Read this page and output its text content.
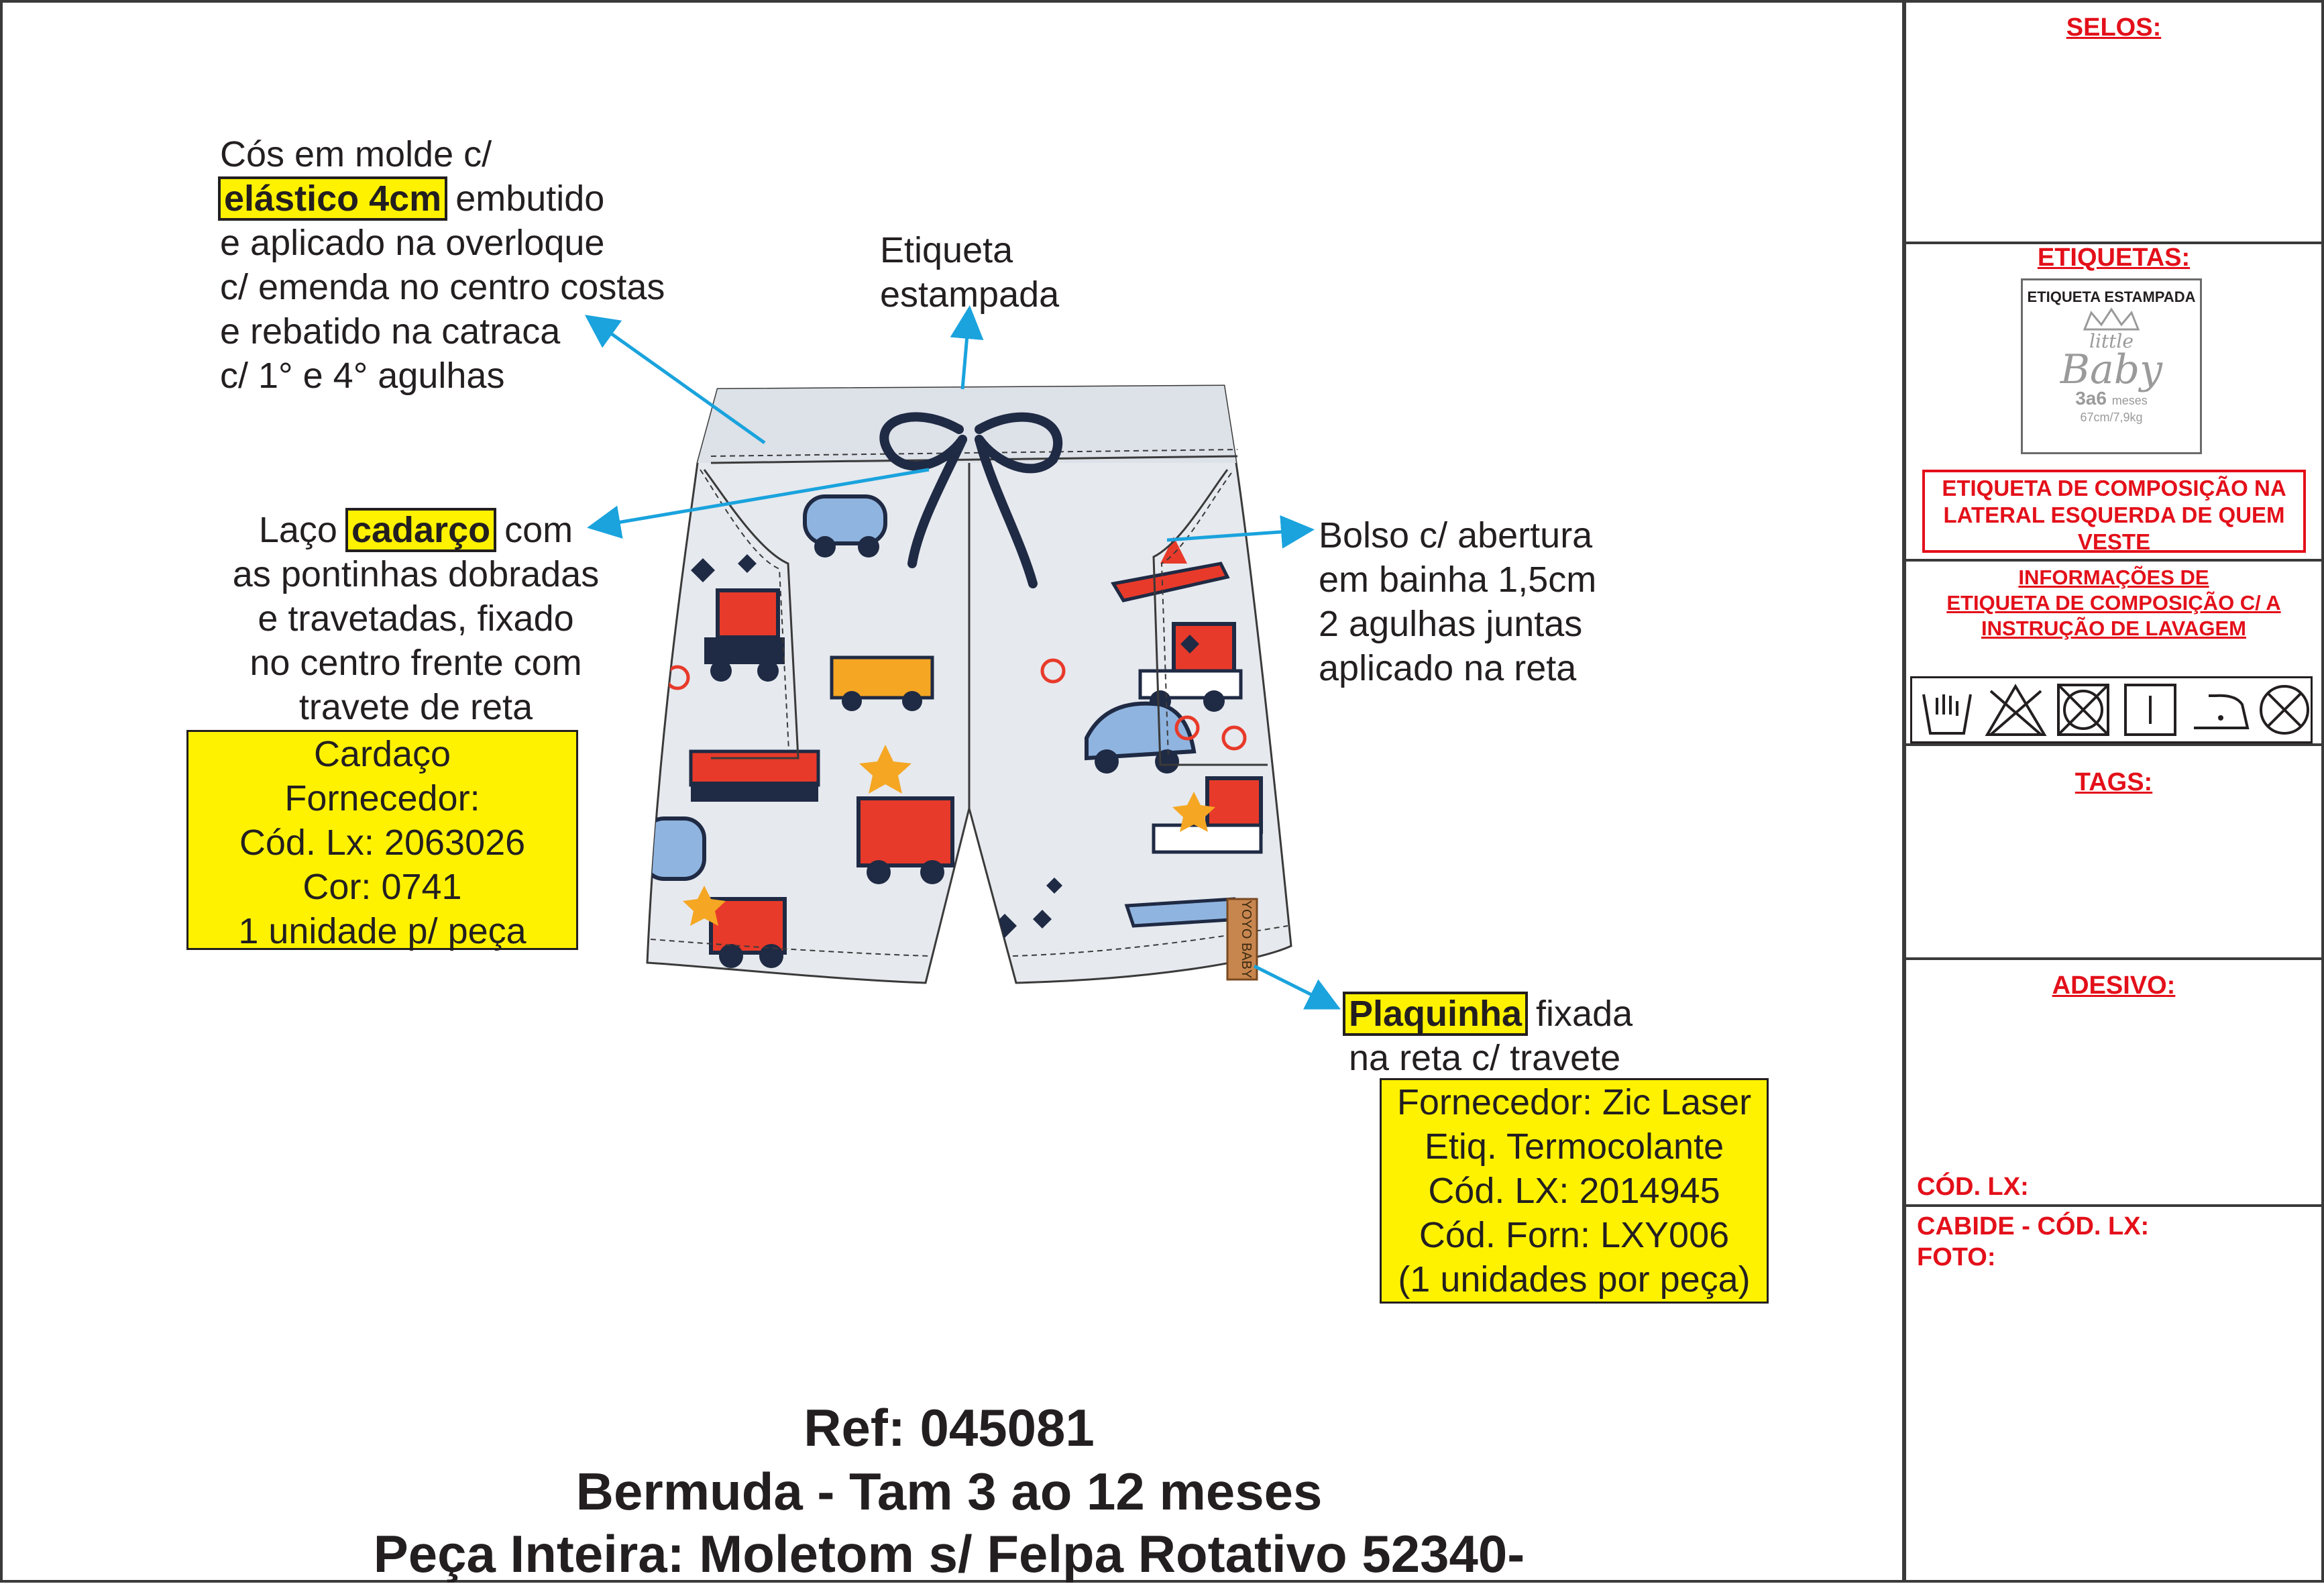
YOYO BABY
Cós em molde c/
elástico 4cm embutido
e aplicado na overloque
c/ emenda no centro costas
e rebatido na catraca
c/ 1° e 4° agulhas
Etiqueta
estampada
Laço cadarço com
as pontinhas dobradas
e travetadas, fixado
no centro frente com
travete de reta
Cardaço
Fornecedor:
Cód. Lx: 2063026
Cor: 0741
1 unidade p/ peça
Bolso c/ abertura
em bainha 1,5cm
2 agulhas juntas
aplicado na reta
Plaquinha fixada
na reta c/ travete
Fornecedor: Zic Laser
Etiq. Termocolante
Cód. LX: 2014945
Cód. Forn: LXY006
(1 unidades por peça)
Ref: 045081
Bermuda - Tam 3 ao 12 meses
Peça Inteira: Moletom s/ Felpa Rotativo 52340-
SELOS:
ETIQUETAS:
ETIQUETA ESTAMPADA
little
Baby
3a6 meses
67cm/7,9kg
ETIQUETA DE COMPOSIÇÃO NA
LATERAL ESQUERDA DE QUEM
VESTE
INFORMAÇÕES DE
ETIQUETA DE COMPOSIÇÃO C/ A
INSTRUÇÃO DE LAVAGEM
TAGS:
ADESIVO:
CÓD. LX:
CABIDE - CÓD. LX:
FOTO:
